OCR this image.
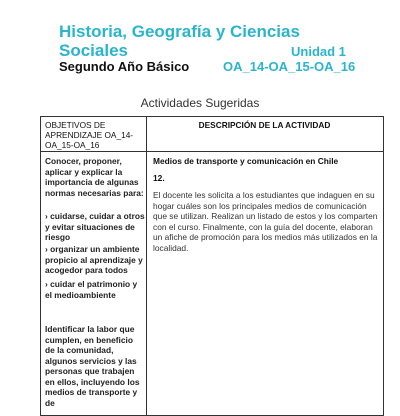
Historia, Geografía y Ciencias
Sociales	Unidad 1
Segundo Año Básico	OA_14-OA_15-OA_16
Actividades Sugeridas
OBJETIVOS DE APRENDIZAJE OA_14-OA_15-OA_16
DESCRIPCIÓN DE LA ACTIVIDAD
Conocer, proponer, aplicar y explicar la importancia de algunas normas necesarias para:
› cuidarse, cuidar a otros y evitar situaciones de riesgo
› organizar un ambiente propicio al aprendizaje y acogedor para todos
› cuidar el patrimonio y el medioambiente
Identificar la labor que cumplen, en beneficio de la comunidad, algunos servicios y las personas que trabajen en ellos, incluyendo los medios de transporte y de
Medios de transporte y comunicación en Chile
12.
El docente les solicita a los estudiantes que indaguen en su hogar cuáles son los principales medios de comunicación que se utilizan. Realizan un listado de estos y los comparten con el curso. Finalmente, con la guía del docente, elaboran un afiche de promoción para los medios más utilizados en la localidad.
